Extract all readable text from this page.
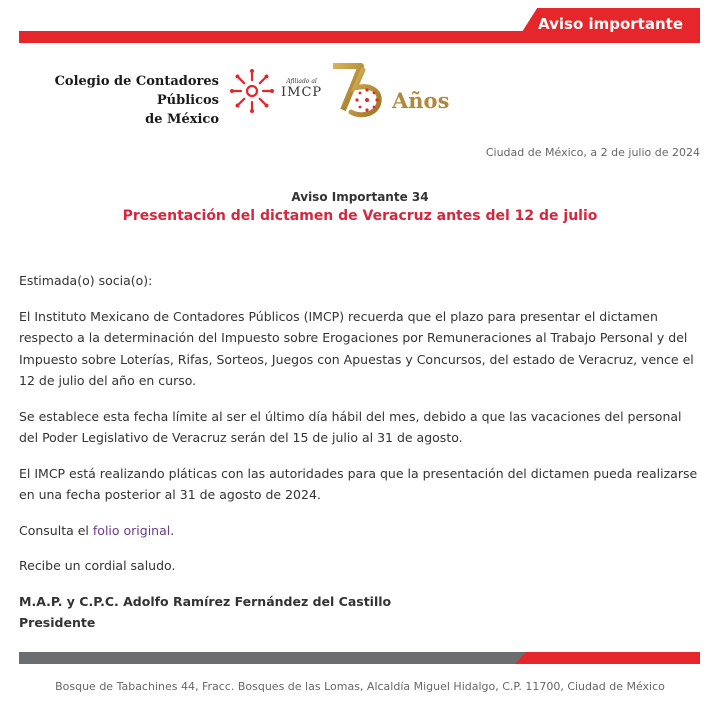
Aviso importante
Colegio de Contadores Públicos
de México
Afiliado al
IMCP	Años
Ciudad de México, a 2 de julio de 2024
Aviso Importante 34
Presentación del dictamen de Veracruz antes del 12 de julio

Estimada(o) socia(o):

El Instituto Mexicano de Contadores Públicos (IMCP) recuerda que el plazo para presentar el dictamen respecto a la determinación del Impuesto sobre Erogaciones por Remuneraciones al Trabajo Personal y del Impuesto sobre Loterías, Rifas, Sorteos, Juegos con Apuestas y Concursos, del estado de Veracruz, vence el 12 de julio del año en curso.

Se establece esta fecha límite al ser el último día hábil del mes, debido a que las vacaciones del personal del Poder Legislativo de Veracruz serán del 15 de julio al 31 de agosto.

El IMCP está realizando pláticas con las autoridades para que la presentación del dictamen pueda realizarse en una fecha posterior al 31 de agosto de 2024.

Consulta el folio original.

Recibe un cordial saludo.

M.A.P. y C.P.C. Adolfo Ramírez Fernández del Castillo

Presidente

Bosque de Tabachines 44, Fracc. Bosques de las Lomas, Alcaldía Miguel Hidalgo, C.P. 11700, Ciudad de México
